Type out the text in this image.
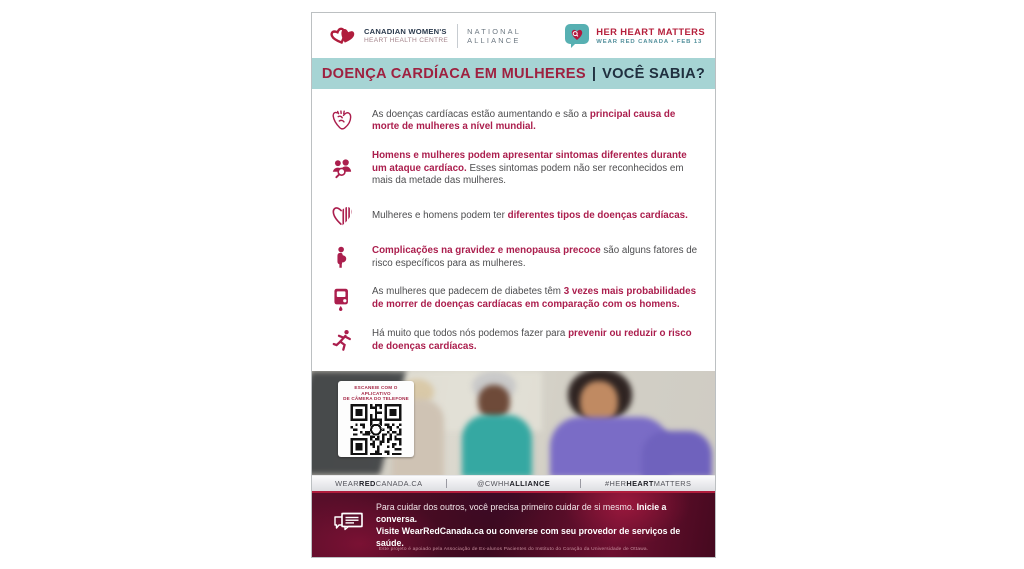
CANADIAN WOMEN'S
HEART HEALTH CENTRE
NATIONAL
ALLIANCE
HER HEART MATTERS
WEAR RED CANADA • FEB 13
DOENÇA CARDÍACA EM MULHERES | VOCÊ SABIA?

As doenças cardíacas estão aumentando e são a principal causa de morte de mulheres a nível mundial.

Homens e mulheres podem apresentar sintomas diferentes durante um ataque cardíaco. Esses sintomas podem não ser reconhecidos em mais da metade das mulheres.

Mulheres e homens podem ter diferentes tipos de doenças cardíacas.

Complicações na gravidez e menopausa precoce são alguns fatores de risco específicos para as mulheres.

As mulheres que padecem de diabetes têm 3 vezes mais probabilidades de morrer de doenças cardíacas em comparação com os homens.

Há muito que todos nós podemos fazer para prevenir ou reduzir o risco de doenças cardíacas.

ESCANEIE COM O APLICATIVO
DE CÂMERA DO TELEFONE
WEARREDCANADA.CA	@CWHHALLIANCE	#HERHEARTMATTERS
Para cuidar dos outros, você precisa primeiro cuidar de si mesmo. Inicie a conversa.
Visite WearRedCanada.ca ou converse com seu provedor de serviços de saúde.
Este projeto é apoiado pela Associação de Ex-alunos Pacientes do Instituto do Coração da Universidade de Ottawa.
